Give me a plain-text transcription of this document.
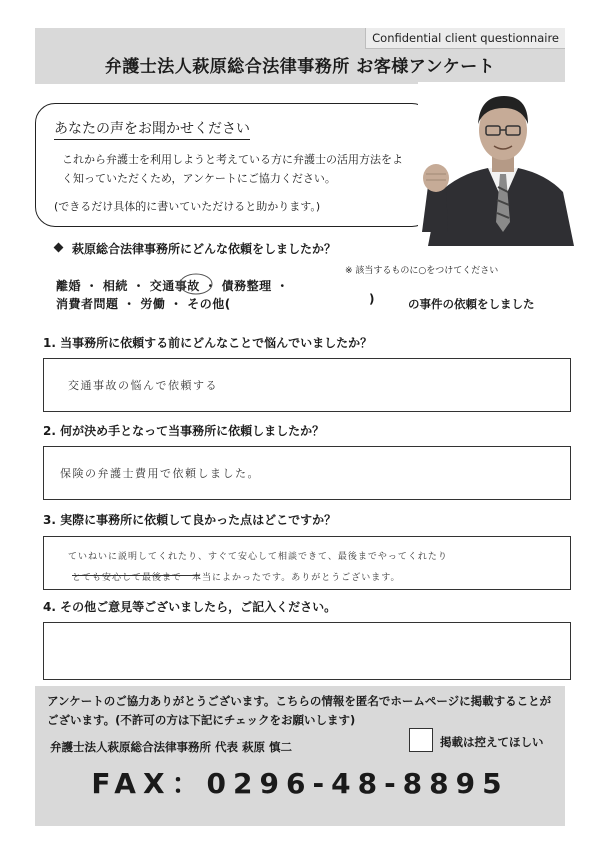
Confidential client questionnaire
弁護士法人萩原総合法律事務所 お客様アンケート
あなたの声をお聞かせください
これから弁護士を利用しようと考えている方に弁護士の活用方法をよく知っていただくため，アンケートにご協力ください。
(できるだけ具体的に書いていただけると助かります。)
萩原総合法律事務所にどんな依頼をしましたか？
※ 該当するものに○をつけてください
離婚 ・ 相続 ・ 交通事故 ・ 債務整理 ・
消費者問題 ・ 労働 ・ その他(	)	の事件の依頼をしました
1. 当事務所に依頼する前にどんなことで悩んでいましたか？
交通事故の悩んで依頼する
2. 何が決め手となって当事務所に依頼しましたか？
保険の弁護士費用で依頼しました。
3. 実際に事務所に依頼して良かった点はどこですか？
ていねいに説明してくれたり、すぐて安心して相談できて、最後までやってくれたり
とても安心して最後まで　本当によかったです。ありがとうございます。
4. その他ご意見等ございましたら，ご記入ください。
アンケートのご協力ありがとうございます。こちらの情報を匿名でホームページに掲載することがございます。(不許可の方は下記にチェックをお願いします)
弁護士法人萩原総合法律事務所 代表 萩原 慎二	掲載は控えてほしい
FAX：0296-48-8895
